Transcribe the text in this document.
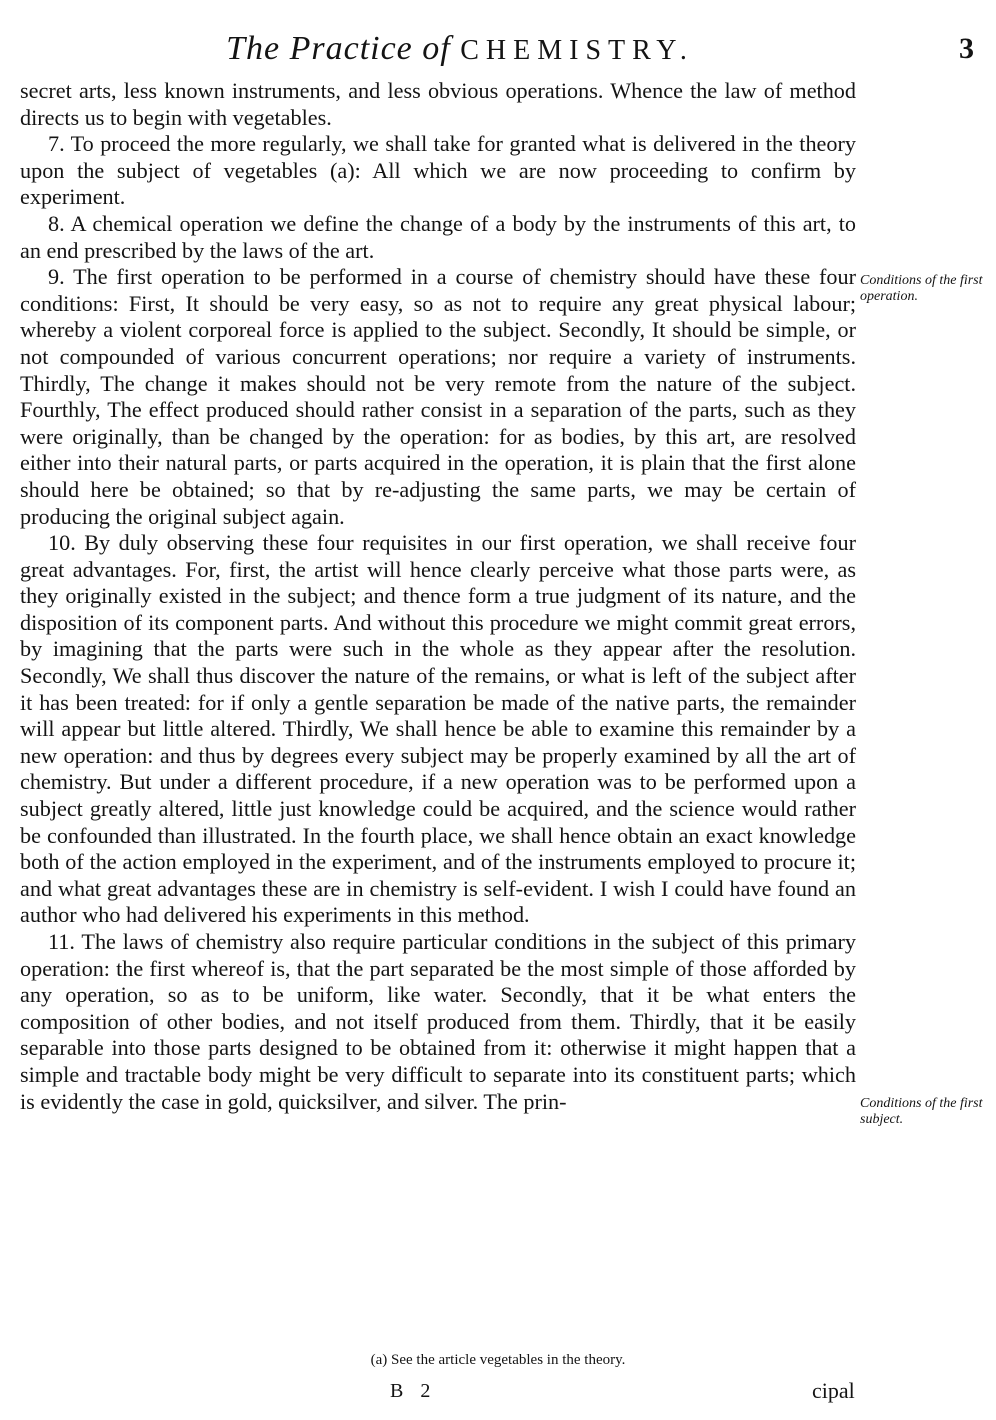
The Practice of CHEMISTRY.	3

secret arts, less known instruments, and less obvious operations. Whence the law of method directs us to begin with vegetables.

7. To proceed the more regularly, we shall take for granted what is delivered in the theory upon the subject of vegetables (a): All which we are now proceeding to confirm by experiment.

8. A chemical operation we define the change of a body by the instruments of this art, to an end prescribed by the laws of the art.

9. The first operation to be performed in a course of chemistry should have these four conditions: First, It should be very easy, so as not to require any great physical labour; whereby a violent corporeal force is applied to the subject. Secondly, It should be simple, or not compounded of various concurrent operations; nor require a variety of instruments. Thirdly, The change it makes should not be very remote from the nature of the subject. Fourthly, The effect produced should rather consist in a separation of the parts, such as they were originally, than be changed by the operation: for as bodies, by this art, are resolved either into their natural parts, or parts acquired in the operation, it is plain that the first alone should here be obtained; so that by re-adjusting the same parts, we may be certain of producing the original subject again.

10. By duly observing these four requisites in our first operation, we shall receive four great advantages. For, first, the artist will hence clearly perceive what those parts were, as they originally existed in the subject; and thence form a true judgment of its nature, and the disposition of its component parts. And without this procedure we might commit great errors, by imagining that the parts were such in the whole as they appear after the resolution. Secondly, We shall thus discover the nature of the remains, or what is left of the subject after it has been treated: for if only a gentle separation be made of the native parts, the remainder will appear but little altered. Thirdly, We shall hence be able to examine this remainder by a new operation: and thus by degrees every subject may be properly examined by all the art of chemistry. But under a different procedure, if a new operation was to be performed upon a subject greatly altered, little just knowledge could be acquired, and the science would rather be confounded than illustrated. In the fourth place, we shall hence obtain an exact knowledge both of the action employed in the experiment, and of the instruments employed to procure it; and what great advantages these are in chemistry is self-evident. I wish I could have found an author who had delivered his experiments in this method.

11. The laws of chemistry also require particular conditions in the subject of this primary operation: the first whereof is, that the part separated be the most simple of those afforded by any operation, so as to be uniform, like water. Secondly, that it be what enters the composition of other bodies, and not itself produced from them. Thirdly, that it be easily separable into those parts designed to be obtained from it: otherwise it might happen that a simple and tractable body might be very difficult to separate into its constituent parts; which is evidently the case in gold, quicksilver, and silver. The prin-

Conditions of the first operation.
Conditions of the first subject.
(a) See the article vegetables in the theory.
B 2	cipal
